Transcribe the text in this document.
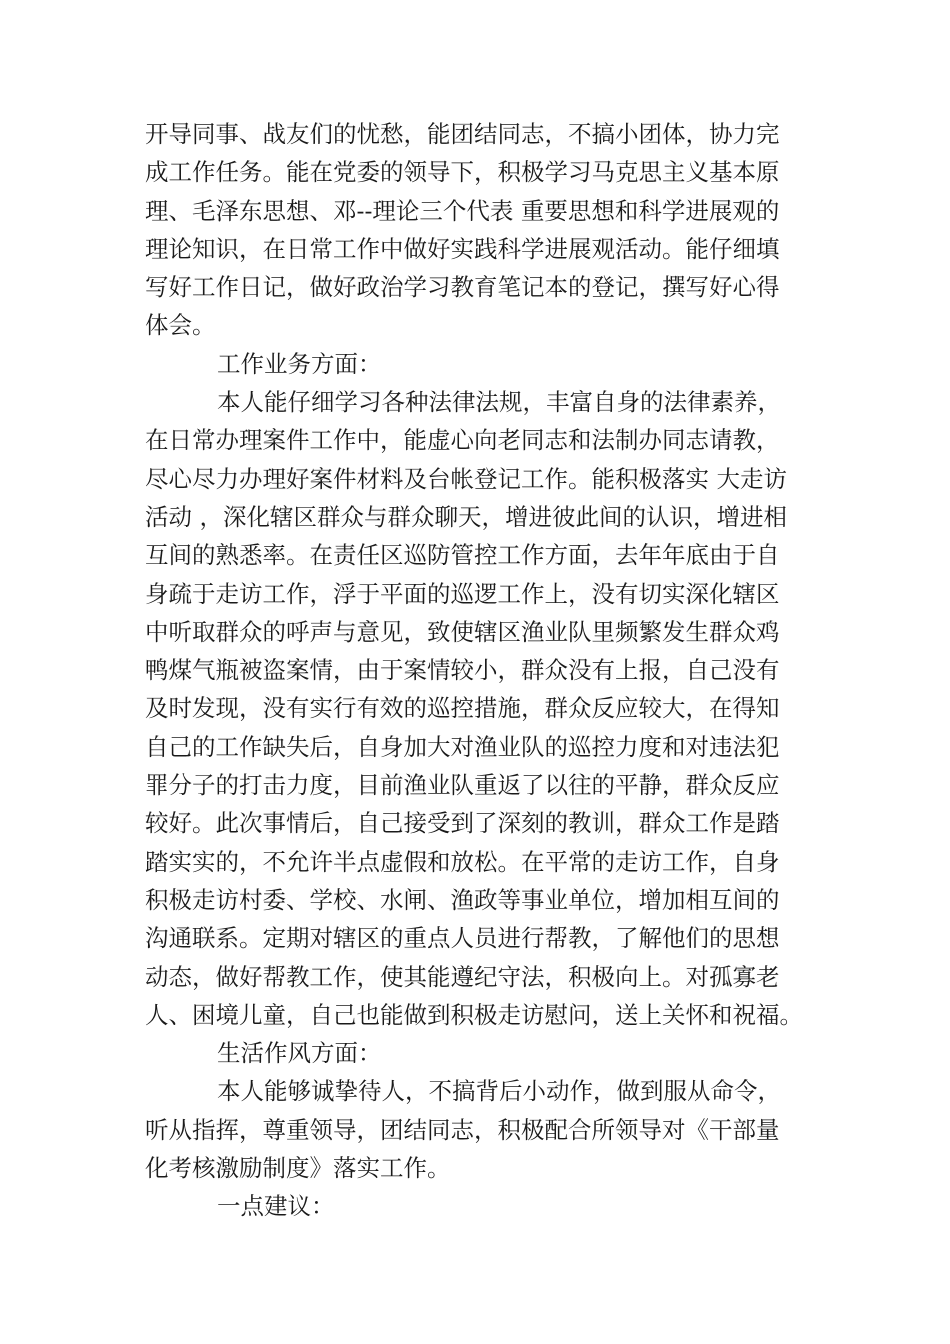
开导同事、战友们的忧愁，能团结同志，不搞小团体，协力完
成工作任务。能在党委的领导下，积极学习马克思主义基本原
理、毛泽东思想、邓--理论三个代表 重要思想和科学进展观的
理论知识，在日常工作中做好实践科学进展观活动。能仔细填
写好工作日记，做好政治学习教育笔记本的登记，撰写好心得
体会。
工作业务方面：
本人能仔细学习各种法律法规，丰富自身的法律素养，
在日常办理案件工作中，能虚心向老同志和法制办同志请教，
尽心尽力办理好案件材料及台帐登记工作。能积极落实 大走访
活动 ，深化辖区群众与群众聊天，增进彼此间的认识，增进相
互间的熟悉率。在责任区巡防管控工作方面，去年年底由于自
身疏于走访工作，浮于平面的巡逻工作上，没有切实深化辖区
中听取群众的呼声与意见，致使辖区渔业队里频繁发生群众鸡
鸭煤气瓶被盗案情，由于案情较小，群众没有上报，自己没有
及时发现，没有实行有效的巡控措施，群众反应较大，在得知
自己的工作缺失后，自身加大对渔业队的巡控力度和对违法犯
罪分子的打击力度，目前渔业队重返了以往的平静，群众反应
较好。此次事情后，自己接受到了深刻的教训，群众工作是踏
踏实实的，不允许半点虚假和放松。在平常的走访工作，自身
积极走访村委、学校、水闸、渔政等事业单位，增加相互间的
沟通联系。定期对辖区的重点人员进行帮教，了解他们的思想
动态，做好帮教工作，使其能遵纪守法，积极向上。对孤寡老
人、困境儿童，自己也能做到积极走访慰问，送上关怀和祝福。
生活作风方面：
本人能够诚挚待人，不搞背后小动作，做到服从命令，
听从指挥，尊重领导，团结同志，积极配合所领导对《干部量
化考核激励制度》落实工作。
一点建议：
